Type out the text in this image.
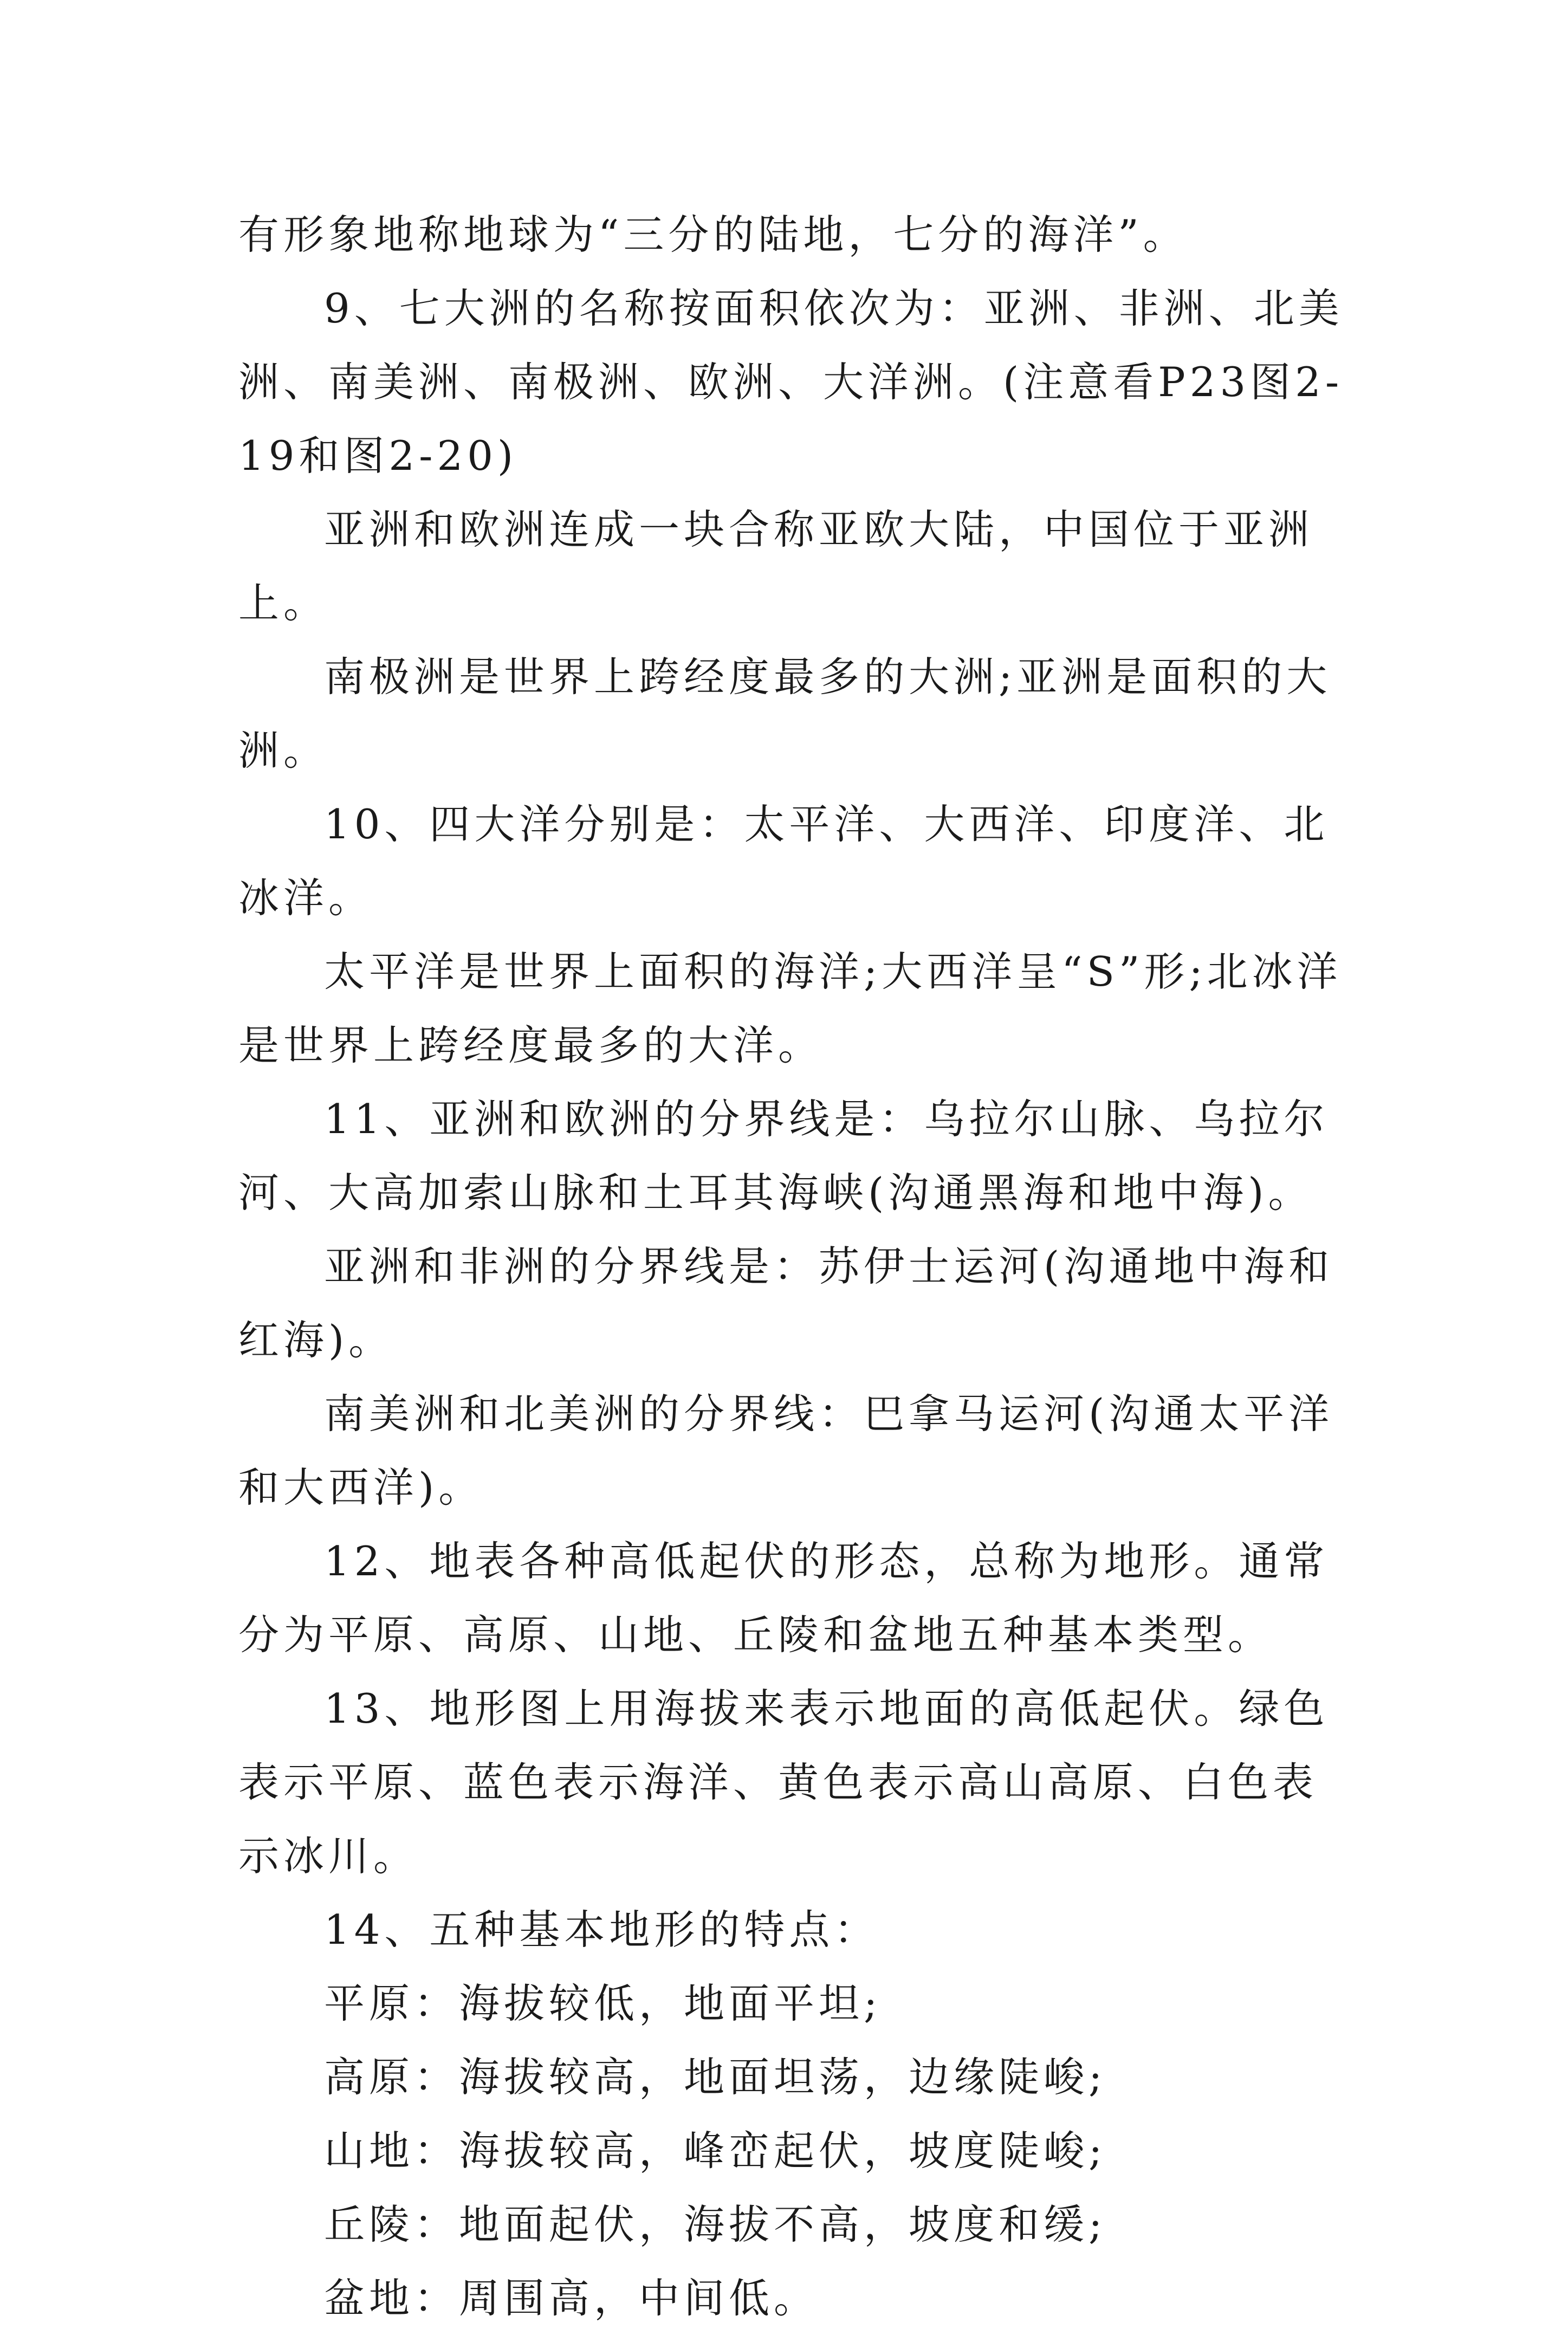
有形象地称地球为“三分的陆地，七分的海洋”。

9、七大洲的名称按面积依次为：亚洲、非洲、北美洲、南美洲、南极洲、欧洲、大洋洲。(注意看P23图2-19和图2-20)

亚洲和欧洲连成一块合称亚欧大陆，中国位于亚洲上。

南极洲是世界上跨经度最多的大洲;亚洲是面积的大洲。

10、四大洋分别是：太平洋、大西洋、印度洋、北冰洋。

太平洋是世界上面积的海洋;大西洋呈“S”形;北冰洋是世界上跨经度最多的大洋。

11、亚洲和欧洲的分界线是：乌拉尔山脉、乌拉尔河、大高加索山脉和土耳其海峡(沟通黑海和地中海)。

亚洲和非洲的分界线是：苏伊士运河(沟通地中海和红海)。

南美洲和北美洲的分界线：巴拿马运河(沟通太平洋和大西洋)。

12、地表各种高低起伏的形态，总称为地形。通常分为平原、高原、山地、丘陵和盆地五种基本类型。

13、地形图上用海拔来表示地面的高低起伏。绿色表示平原、蓝色表示海洋、黄色表示高山高原、白色表示冰川。

14、五种基本地形的特点：

平原：海拔较低，地面平坦;

高原：海拔较高，地面坦荡，边缘陡峻;

山地：海拔较高，峰峦起伏，坡度陡峻;

丘陵：地面起伏，海拔不高，坡度和缓;

盆地：周围高，中间低。
